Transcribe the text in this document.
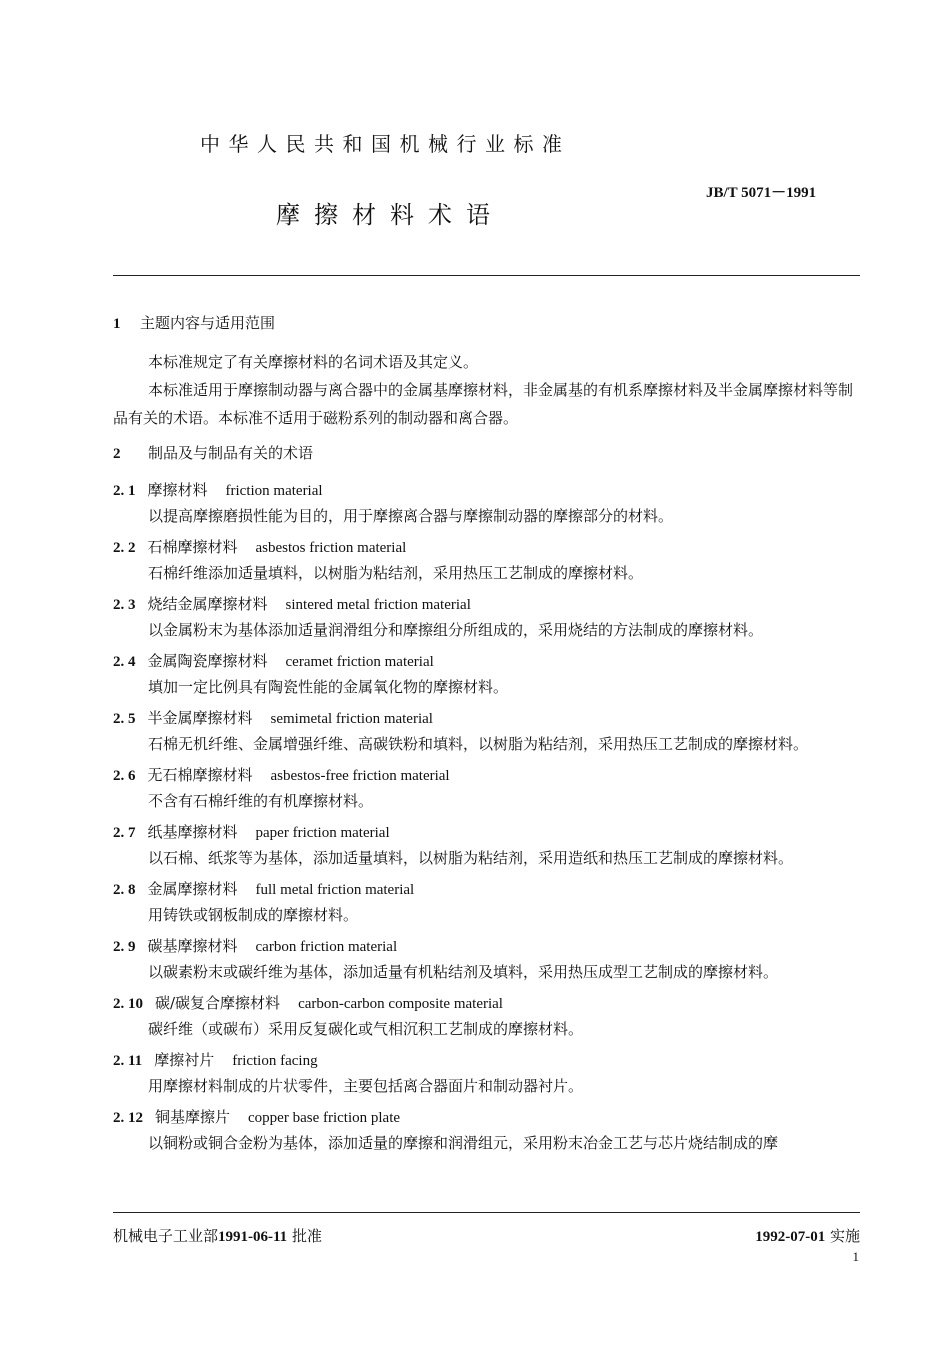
中华人民共和国机械行业标准
摩擦材料术语
JB/T 5071－1991
1 主题内容与适用范围

本标准规定了有关摩擦材料的名词术语及其定义。

本标准适用于摩擦制动器与离合器中的金属基摩擦材料，非金属基的有机系摩擦材料及半金属摩擦材料等制品有关的术语。本标准不适用于磁粉系列的制动器和离合器。

2 制品及与制品有关的术语
2. 1 摩擦材料 friction material

以提高摩擦磨损性能为目的，用于摩擦离合器与摩擦制动器的摩擦部分的材料。

2. 2 石棉摩擦材料 asbestos friction material

石棉纤维添加适量填料，以树脂为粘结剂，采用热压工艺制成的摩擦材料。

2. 3 烧结金属摩擦材料 sintered metal friction material

以金属粉末为基体添加适量润滑组分和摩擦组分所组成的，采用烧结的方法制成的摩擦材料。

2. 4 金属陶瓷摩擦材料 ceramet friction material

填加一定比例具有陶瓷性能的金属氧化物的摩擦材料。

2. 5 半金属摩擦材料 semimetal friction material

石棉无机纤维、金属增强纤维、高碳铁粉和填料，以树脂为粘结剂，采用热压工艺制成的摩擦材料。

2. 6 无石棉摩擦材料 asbestos-free friction material

不含有石棉纤维的有机摩擦材料。

2. 7 纸基摩擦材料 paper friction material

以石棉、纸浆等为基体，添加适量填料，以树脂为粘结剂，采用造纸和热压工艺制成的摩擦材料。

2. 8 金属摩擦材料 full metal friction material

用铸铁或钢板制成的摩擦材料。

2. 9 碳基摩擦材料 carbon friction material

以碳素粉末或碳纤维为基体，添加适量有机粘结剂及填料，采用热压成型工艺制成的摩擦材料。

2. 10 碳/碳复合摩擦材料 carbon-carbon composite material

碳纤维（或碳布）采用反复碳化或气相沉积工艺制成的摩擦材料。

2. 11 摩擦衬片 friction facing

用摩擦材料制成的片状零件，主要包括离合器面片和制动器衬片。

2. 12 铜基摩擦片 copper base friction plate

以铜粉或铜合金粉为基体，添加适量的摩擦和润滑组元，采用粉末冶金工艺与芯片烧结制成的摩

机械电子工业部1991-06-11 批准	1992-07-01 实施
1
